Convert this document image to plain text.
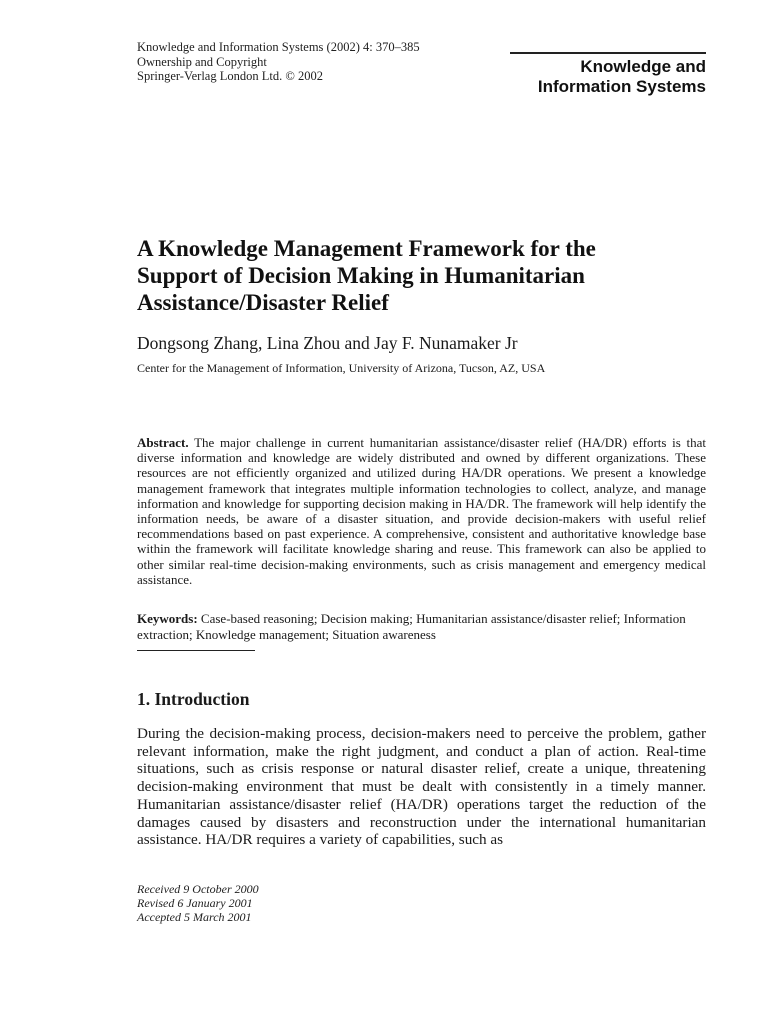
Knowledge and Information Systems (2002) 4: 370–385
Ownership and Copyright
Springer-Verlag London Ltd. © 2002	Knowledge and
Information Systems
A Knowledge Management Framework for the
Support of Decision Making in Humanitarian
Assistance/Disaster Relief
Dongsong Zhang, Lina Zhou and Jay F. Nunamaker Jr
Center for the Management of Information, University of Arizona, Tucson, AZ, USA

Abstract. The major challenge in current humanitarian assistance/disaster relief (HA/DR) efforts is that diverse information and knowledge are widely distributed and owned by different organizations. These resources are not efficiently organized and utilized during HA/DR operations. We present a knowledge management framework that integrates multiple information technologies to collect, analyze, and manage information and knowledge for supporting decision making in HA/DR. The framework will help identify the information needs, be aware of a disaster situation, and provide decision-makers with useful relief recommendations based on past experience. A comprehensive, consistent and authoritative knowledge base within the framework will facilitate knowledge sharing and reuse. This framework can also be applied to other similar real-time decision-making environments, such as crisis management and emergency medical assistance.

Keywords: Case-based reasoning; Decision making; Humanitarian assistance/disaster relief; Information extraction; Knowledge management; Situation awareness
1. Introduction

During the decision-making process, decision-makers need to perceive the problem, gather relevant information, make the right judgment, and conduct a plan of action. Real-time situations, such as crisis response or natural disaster relief, create a unique, threatening decision-making environment that must be dealt with consistently in a timely manner. Humanitarian assistance/disaster relief (HA/DR) operations target the reduction of the damages caused by disasters and reconstruction under the international humanitarian assistance. HA/DR requires a variety of capabilities, such as

Received 9 October 2000
Revised 6 January 2001
Accepted 5 March 2001
